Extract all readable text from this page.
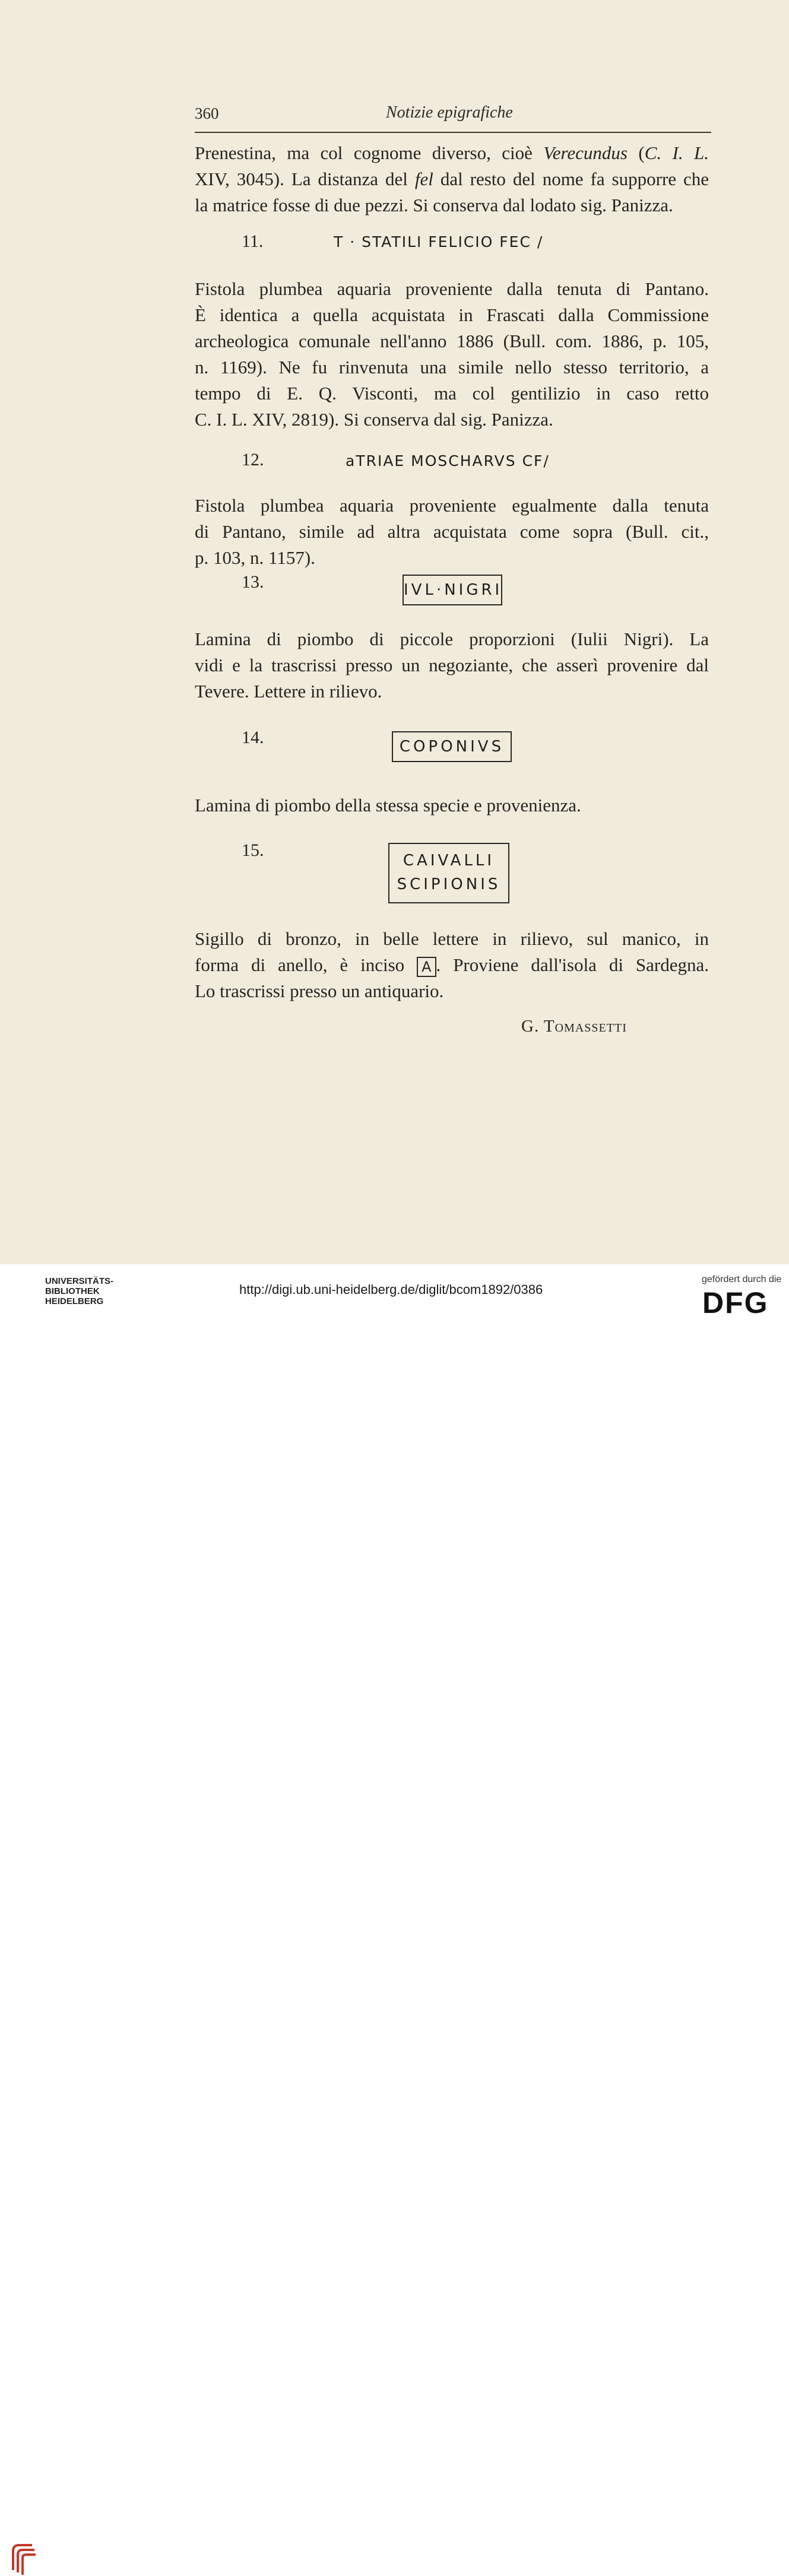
360	Notizie epigrafiche
Prenestina, ma col cognome diverso, cioè Verecundus (C. I. L.
XIV, 3045). La distanza del fel dal resto del nome fa supporre che
la matrice fosse di due pezzi. Si conserva dal lodato sig. Panizza.
11.	T · STATILI FELICIO FEC /
Fistola plumbea aquaria proveniente dalla tenuta di Pantano.
È identica a quella acquistata in Frascati dalla Commissione
archeologica comunale nell'anno 1886 (Bull. com. 1886, p. 105,
n. 1169). Ne fu rinvenuta una simile nello stesso territorio, a
tempo di E. Q. Visconti, ma col gentilizio in caso retto
C. I. L. XIV, 2819). Si conserva dal sig. Panizza.
12.	aTRIAE MOSCHARVS CF/
Fistola plumbea aquaria proveniente egualmente dalla tenuta
di Pantano, simile ad altra acquistata come sopra (Bull. cit.,
p. 103, n. 1157).
13.	IVL·NIGRI
Lamina di piombo di piccole proporzioni (Iulii Nigri). La
vidi e la trascrissi presso un negoziante, che asserì provenire dal
Tevere. Lettere in rilievo.
14.	COPONIVS
Lamina di piombo della stessa specie e provenienza.
15.
CAIVALLI
SCIPIONIS
Sigillo di bronzo, in belle lettere in rilievo, sul manico, in
forma di anello, è inciso A . Proviene dall'isola di Sardegna.
Lo trascrissi presso un antiquario.
G. Tomassetti
UNIVERSITÄTS-
BIBLIOTHEK
HEIDELBERG
http://digi.ub.uni-heidelberg.de/diglit/bcom1892/0386
gefördert durch die
DFG
